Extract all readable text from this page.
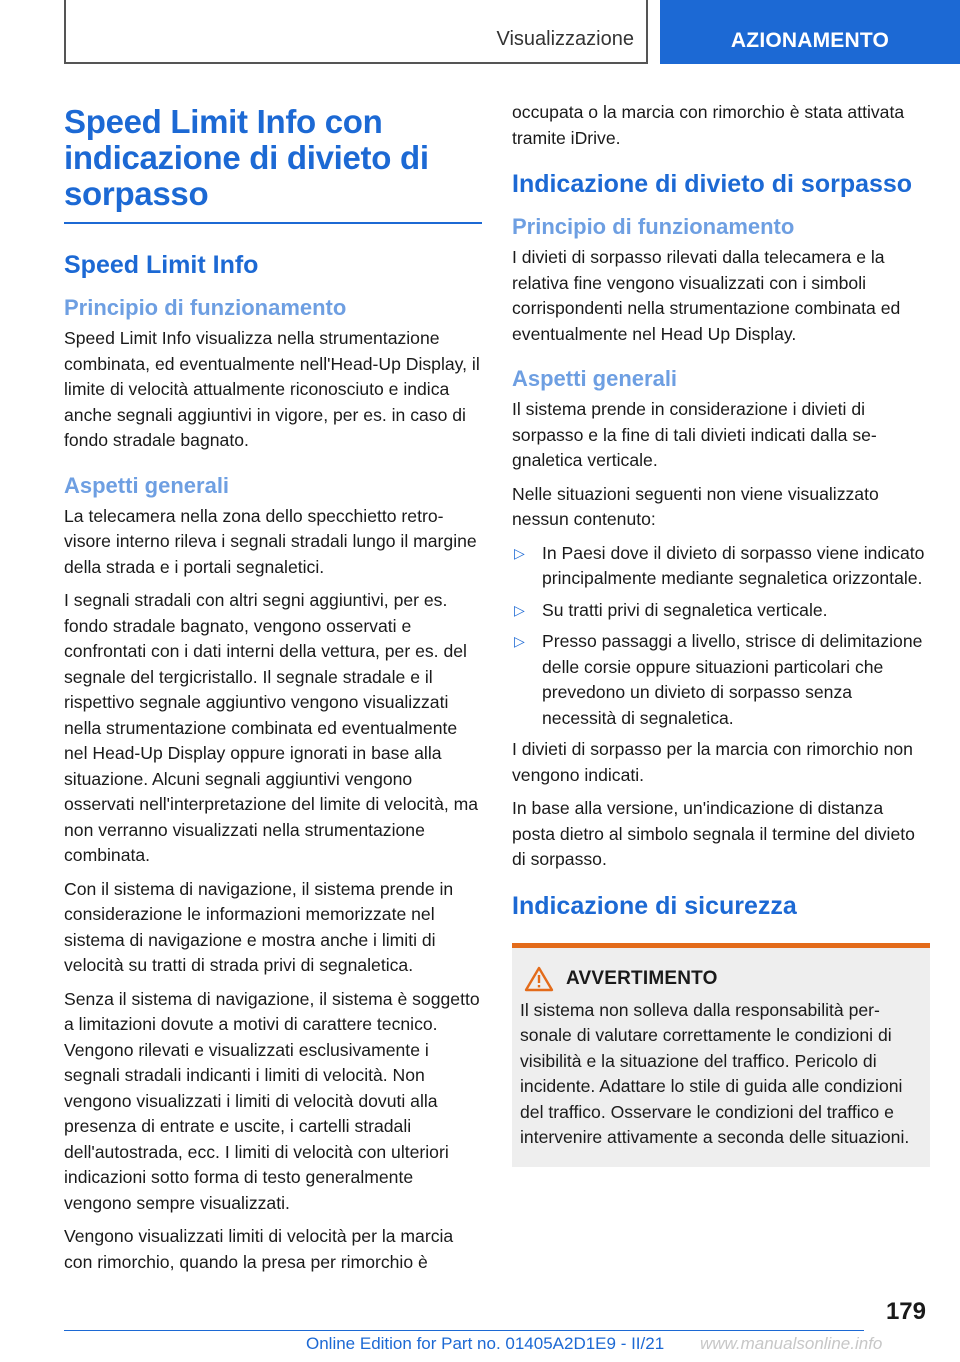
Visualizzazione	AZIONAMENTO
Speed Limit Info con indicazione di divieto di sorpasso
Speed Limit Info
Principio di funzionamento

Speed Limit Info visualizza nella strumentazione combinata, ed eventualmente nell'Head-Up Display, il limite di velocità attualmente riconosciuto e indica anche segnali aggiuntivi in vigore, per es. in caso di fondo stradale bagnato.

Aspetti generali

La telecamera nella zona dello specchietto retrovisore interno rileva i segnali stradali lungo il margine della strada e i portali segnaletici.

I segnali stradali con altri segni aggiuntivi, per es. fondo stradale bagnato, vengono osservati e confrontati con i dati interni della vettura, per es. del segnale del tergicristallo. Il segnale stradale e il rispettivo segnale aggiuntivo vengono visualizzati nella strumentazione combinata ed eventualmente nel Head-Up Display oppure ignorati in base alla situazione. Alcuni segnali aggiuntivi vengono osservati nell'interpretazione del limite di velocità, ma non verranno visualizzati nella strumentazione combinata.

Con il sistema di navigazione, il sistema prende in considerazione le informazioni memorizzate nel sistema di navigazione e mostra anche i limiti di velocità su tratti di strada privi di segnaletica.

Senza il sistema di navigazione, il sistema è soggetto a limitazioni dovute a motivi di carattere tecnico. Vengono rilevati e visualizzati esclusivamente i segnali stradali indicanti i limiti di velocità. Non vengono visualizzati i limiti di velocità dovuti alla presenza di entrate e uscite, i cartelli stradali dell'autostrada, ecc. I limiti di velocità con ulteriori indicazioni sotto forma di testo generalmente vengono sempre visualizzati.

Vengono visualizzati limiti di velocità per la marcia con rimorchio, quando la presa per rimorchio è

occupata o la marcia con rimorchio è stata attivata tramite iDrive.

Indicazione di divieto di sorpasso
Principio di funzionamento

I divieti di sorpasso rilevati dalla telecamera e la relativa fine vengono visualizzati con i simboli corrispondenti nella strumentazione combinata ed eventualmente nel Head Up Display.

Aspetti generali

Il sistema prende in considerazione i divieti di sorpasso e la fine di tali divieti indicati dalla segnaletica verticale.

Nelle situazioni seguenti non viene visualizzato nessun contenuto:

▷ In Paesi dove il divieto di sorpasso viene indicato principalmente mediante segnaletica orizzontale.
▷ Su tratti privi di segnaletica verticale.
▷ Presso passaggi a livello, strisce di delimitazione delle corsie oppure situazioni particolari che prevedono un divieto di sorpasso senza necessità di segnaletica.

I divieti di sorpasso per la marcia con rimorchio non vengono indicati.

In base alla versione, un'indicazione di distanza posta dietro al simbolo segnala il termine del divieto di sorpasso.

Indicazione di sicurezza
AVVERTIMENTO

Il sistema non solleva dalla responsabilità personale di valutare correttamente le condizioni di visibilità e la situazione del traffico. Pericolo di incidente. Adattare lo stile di guida alle condizioni del traffico. Osservare le condizioni del traffico e intervenire attivamente a seconda delle situazioni.

179
Online Edition for Part no. 01405A2D1E9 - II/21 www.manualsonline.info
